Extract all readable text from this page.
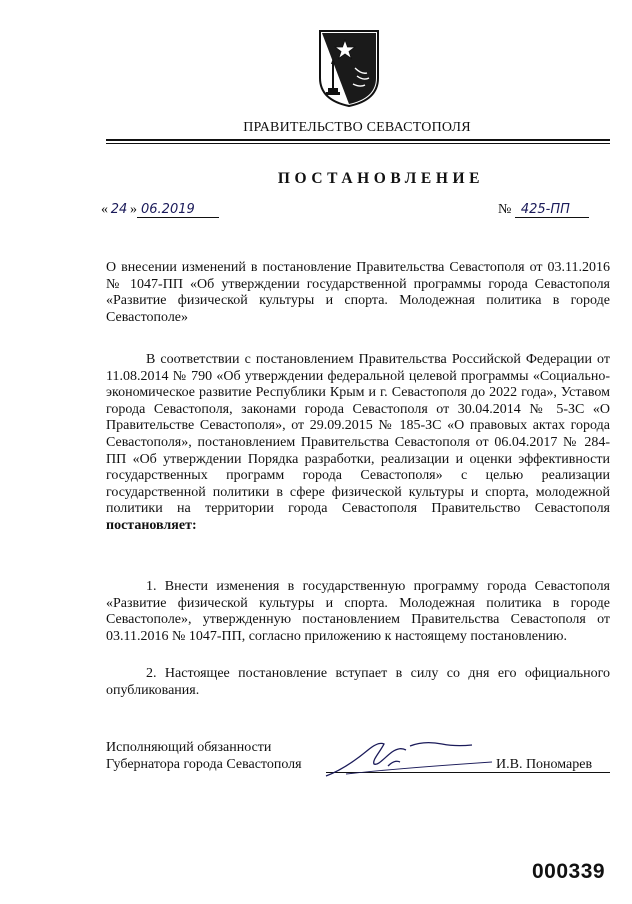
ПРАВИТЕЛЬСТВО СЕВАСТОПОЛЯ
ПОСТАНОВЛЕНИЕ
« 24 » 06.2019	№ 425-ПП
О внесении изменений в постановление Правительства Севастополя от 03.11.2016 № 1047-ПП «Об утверждении государственной программы города Севастополя «Развитие физической культуры и спорта. Молодежная политика в городе Севастополе»
В соответствии с постановлением Правительства Российской Федерации от 11.08.2014 № 790 «Об утверждении федеральной целевой программы «Социально-экономическое развитие Республики Крым и г. Севастополя до 2022 года», Уставом города Севастополя, законами города Севастополя от 30.04.2014 № 5-ЗС «О Правительстве Севастополя», от 29.09.2015 № 185-ЗС «О правовых актах города Севастополя», постановлением Правительства Севастополя от 06.04.2017 № 284-ПП «Об утверждении Порядка разработки, реализации и оценки эффективности государственных программ города Севастополя» с целью реализации государственной политики в сфере физической культуры и спорта, молодежной политики на территории города Севастополя Правительство Севастополя постановляет:
1. Внести изменения в государственную программу города Севастополя «Развитие физической культуры и спорта. Молодежная политика в городе Севастополе», утвержденную постановлением Правительства Севастополя от 03.11.2016 № 1047-ПП, согласно приложению к настоящему постановлению.
2. Настоящее постановление вступает в силу со дня его официального опубликования.
Исполняющий обязанности
Губернатора города Севастополя	И.В. Пономарев
000339
